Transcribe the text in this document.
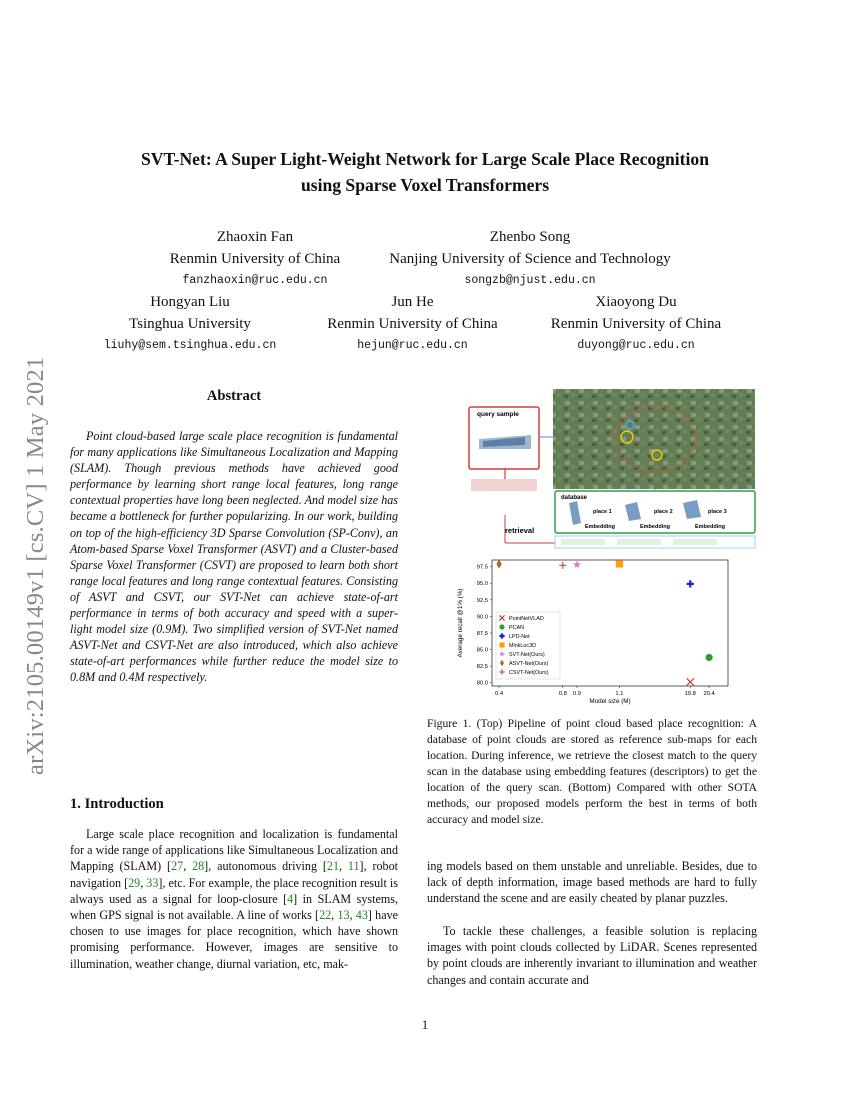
arXiv:2105.00149v1 [cs.CV] 1 May 2021
SVT-Net: A Super Light-Weight Network for Large Scale Place Recognition
using Sparse Voxel Transformers
Zhaoxin Fan
Renmin University of China
fanzhaoxin@ruc.edu.cn
Zhenbo Song
Nanjing University of Science and Technology
songzb@njust.edu.cn
Hongyan Liu
Tsinghua University
liuhy@sem.tsinghua.edu.cn
Jun He
Renmin University of China
hejun@ruc.edu.cn
Xiaoyong Du
Renmin University of China
duyong@ruc.edu.cn
Abstract
Point cloud-based large scale place recognition is fundamental for many applications like Simultaneous Localization and Mapping (SLAM). Though previous methods have achieved good performance by learning short range local features, long range contextual properties have long been neglected. And model size has became a bottleneck for further popularizing. In our work, building on top of the high-efficiency 3D Sparse Convolution (SP-Conv), an Atom-based Sparse Voxel Transformer (ASVT) and a Cluster-based Sparse Voxel Transformer (CSVT) are proposed to learn both short range local features and long range contextual features. Consisting of ASVT and CSVT, our SVT-Net can achieve state-of-art performance in terms of both accuracy and speed with a super-light model size (0.9M). Two simplified version of SVT-Net named ASVT-Net and CSVT-Net are also introduced, which also achieve state-of-art performances while further reduce the model size to 0.8M and 0.4M respectively.
1. Introduction
Large scale place recognition and localization is fundamental for a wide range of applications like Simultaneous Localization and Mapping (SLAM) [27, 28], autonomous driving [21, 11], robot navigation [29, 33], etc. For example, the place recognition result is always used as a signal for loop-closure [4] in SLAM systems, when GPS signal is not available. A line of works [22, 13, 43] have chosen to use images for place recognition, which have shown promising performance. However, images are sensitive to illumination, weather change, diurnal variation, etc, mak-
ing models based on them unstable and unreliable. Besides, due to lack of depth information, image based methods are hard to fully understand the scene and are easily cheated by planar puzzles.
To tackle these challenges, a feasible solution is replacing images with point clouds collected by LiDAR. Scenes represented by point clouds are inherently invariant to illumination and weather changes and contain accurate and
query sample
database
place 1	place 2	place 3
Embedding	Embedding	Embedding
retrieval
80.0
82.5
85.0
87.5
90.0
92.5
95.0
97.5
0.4	0.8 0.9	1.1	19.8 20.4
PointNetVLAD
PCAN
LPD-Net
MinkLoc3D
SVT-Net(Ours)
ASVT-Net(Ours)
CSVT-Net(Ours)
Average recall @1% (%)
Model size (M)
Figure 1. (Top) Pipeline of point cloud based place recognition: A database of point clouds are stored as reference sub-maps for each location. During inference, we retrieve the closest match to the query scan in the database using embedding features (descriptors) to get the location of the query scan. (Bottom) Compared with other SOTA methods, our proposed models perform the best in terms of both accuracy and model size.
1
